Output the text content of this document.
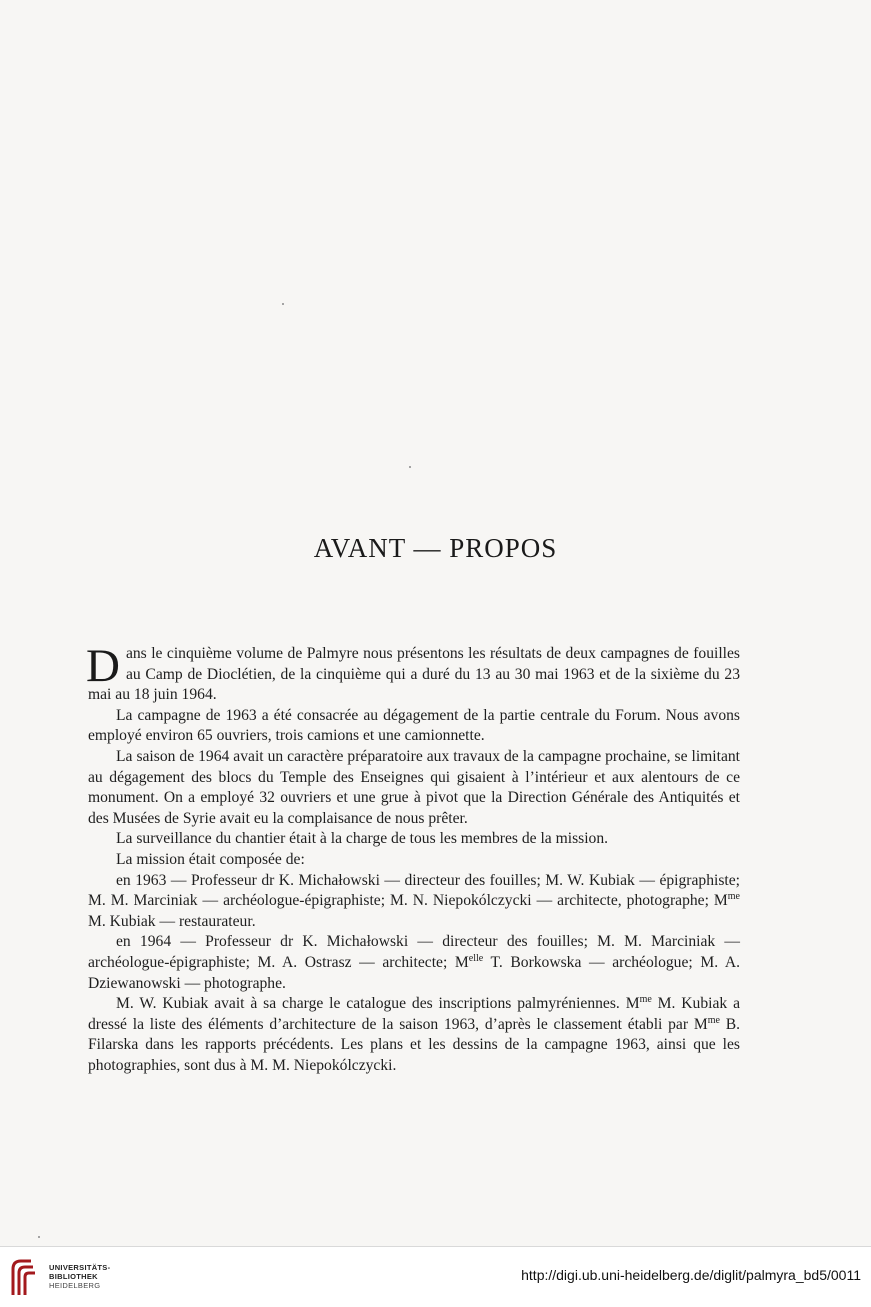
AVANT — PROPOS

Dans le cinquième volume de Palmyre nous présentons les résultats de deux campagnes de fouilles au Camp de Dioclétien, de la cinquième qui a duré du 13 au 30 mai 1963 et de la sixième du 23 mai au 18 juin 1964.

La campagne de 1963 a été consacrée au dégagement de la partie centrale du Forum. Nous avons employé environ 65 ouvriers, trois camions et une camionnette.

La saison de 1964 avait un caractère préparatoire aux travaux de la campagne prochaine, se limitant au dégagement des blocs du Temple des Enseignes qui gisaient à l’intérieur et aux alentours de ce monument. On a employé 32 ouvriers et une grue à pivot que la Direction Générale des Antiquités et des Musées de Syrie avait eu la complaisance de nous prêter.

La surveillance du chantier était à la charge de tous les membres de la mission.

La mission était composée de:

en 1963 — Professeur dr K. Michałowski — directeur des fouilles; M. W. Kubiak — épigraphiste; M. M. Marciniak — archéologue-épigraphiste; M. N. Niepokólczycki — architecte, photographe; $M^{me}$ M. Kubiak — restaurateur.

en 1964 — Professeur dr K. Michałowski — directeur des fouilles; M. M. Marciniak — archéologue-épigraphiste; M. A. Ostrasz — architecte; $M^{elle}$ T. Borkowska — archéologue; M. A. Dziewanowski — photographe.

M. W. Kubiak avait à sa charge le catalogue des inscriptions palmyréniennes. $M^{me}$ M. Kubiak a dressé la liste des éléments d’architecture de la saison 1963, d’après le classement établi par $M^{me}$ B. Filarska dans les rapports précédents. Les plans et les dessins de la campagne 1963, ainsi que les photographies, sont dus à M. M. Niepokólczycki.

UNIVERSITÄTS-
BIBLIOTHEK
HEIDELBERG
http://digi.ub.uni-heidelberg.de/diglit/palmyra_bd5/0011
